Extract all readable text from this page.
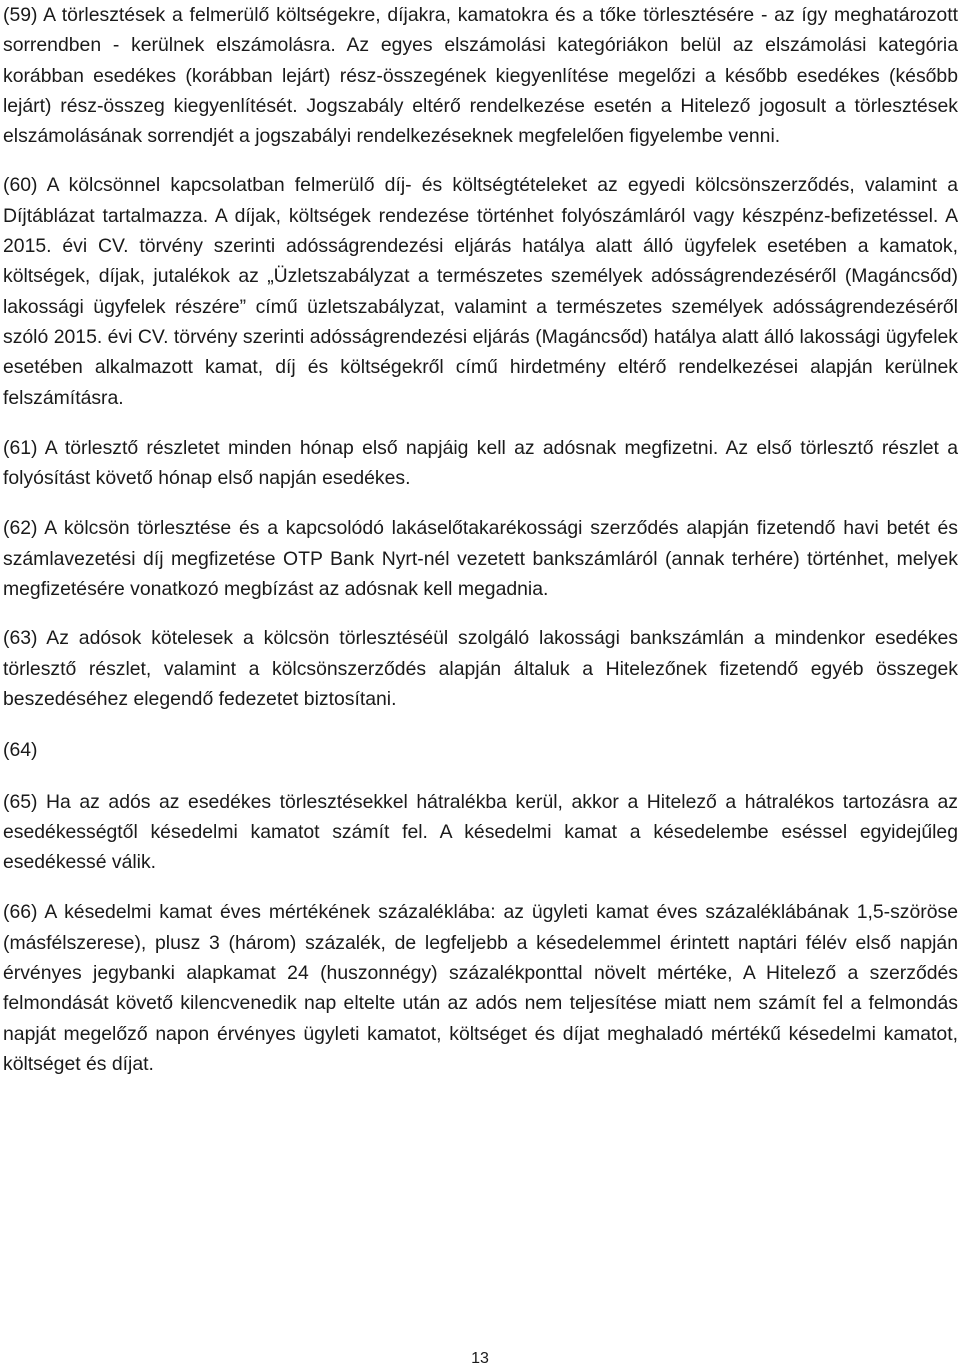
(59) A törlesztések a felmerülő költségekre, díjakra, kamatokra és a tőke törlesztésére - az így meghatározott sorrendben - kerülnek elszámolásra. Az egyes elszámolási kategóriákon belül az elszámolási kategória korábban esedékes (korábban lejárt) rész-összegének kiegyenlítése megelőzi a később esedékes (később lejárt) rész-összeg kiegyenlítését. Jogszabály eltérő rendelkezése esetén a Hitelező jogosult a törlesztések elszámolásának sorrendjét a jogszabályi rendelkezéseknek megfelelően figyelembe venni.

(60) A kölcsönnel kapcsolatban felmerülő díj- és költségtételeket az egyedi kölcsönszerződés, valamint a Díjtáblázat tartalmazza. A díjak, költségek rendezése történhet folyószámláról vagy készpénz-befizetéssel. A 2015. évi CV. törvény szerinti adósságrendezési eljárás hatálya alatt álló ügyfelek esetében a kamatok, költségek, díjak, jutalékok az „Üzletszabályzat a természetes személyek adósságrendezéséről (Magáncsőd) lakossági ügyfelek részére” című üzletszabályzat, valamint a természetes személyek adósságrendezéséről szóló 2015. évi CV. törvény szerinti adósságrendezési eljárás (Magáncsőd) hatálya alatt álló lakossági ügyfelek esetében alkalmazott kamat, díj és költségekről című hirdetmény eltérő rendelkezései alapján kerülnek felszámításra.

(61) A törlesztő részletet minden hónap első napjáig kell az adósnak megfizetni. Az első törlesztő részlet a folyósítást követő hónap első napján esedékes.

(62) A kölcsön törlesztése és a kapcsolódó lakáselőtakarékossági szerződés alapján fizetendő havi betét és számlavezetési díj megfizetése OTP Bank Nyrt-nél vezetett bankszámláról (annak terhére) történhet, melyek megfizetésére vonatkozó megbízást az adósnak kell megadnia.

(63) Az adósok kötelesek a kölcsön törlesztéséül szolgáló lakossági bankszámlán a mindenkor esedékes törlesztő részlet, valamint a kölcsönszerződés alapján általuk a Hitelezőnek fizetendő egyéb összegek beszedéséhez elegendő fedezetet biztosítani.

(64)

(65) Ha az adós az esedékes törlesztésekkel hátralékba kerül, akkor a Hitelező a hátralékos tartozásra az esedékességtől késedelmi kamatot számít fel. A késedelmi kamat a késedelembe eséssel egyidejűleg esedékessé válik.

(66) A késedelmi kamat éves mértékének százaléklába: az ügyleti kamat éves százaléklábának 1,5-szöröse (másfélszerese), plusz 3 (három) százalék, de legfeljebb a késedelemmel érintett naptári félév első napján érvényes jegybanki alapkamat 24 (huszonnégy) százalékponttal növelt mértéke, A Hitelező a szerződés felmondását követő kilencvenedik nap eltelte után az adós nem teljesítése miatt nem számít fel a felmondás napját megelőző napon érvényes ügyleti kamatot, költséget és díjat meghaladó mértékű késedelmi kamatot, költséget és díjat.

13
